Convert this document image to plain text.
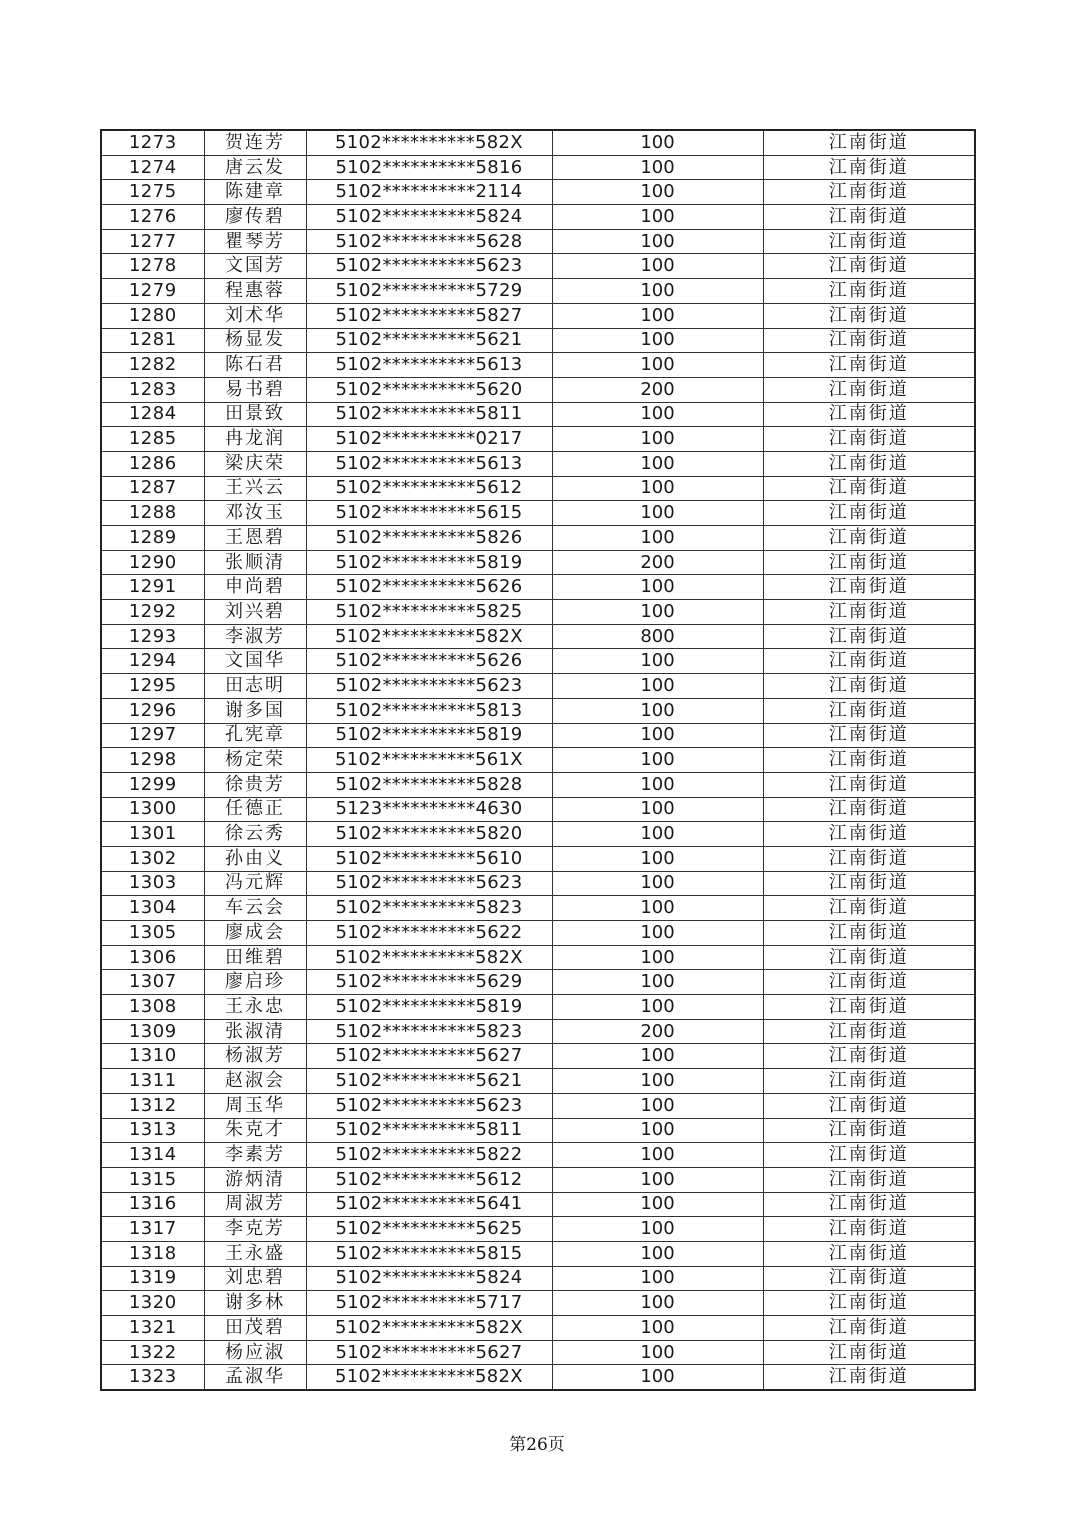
1273	贺连芳	5102**********582X	100	江南街道
1274	唐云发	5102**********5816	100	江南街道
1275	陈建章	5102**********2114	100	江南街道
1276	廖传碧	5102**********5824	100	江南街道
1277	瞿琴芳	5102**********5628	100	江南街道
1278	文国芳	5102**********5623	100	江南街道
1279	程惠蓉	5102**********5729	100	江南街道
1280	刘术华	5102**********5827	100	江南街道
1281	杨显发	5102**********5621	100	江南街道
1282	陈石君	5102**********5613	100	江南街道
1283	易书碧	5102**********5620	200	江南街道
1284	田景致	5102**********5811	100	江南街道
1285	冉龙润	5102**********0217	100	江南街道
1286	梁庆荣	5102**********5613	100	江南街道
1287	王兴云	5102**********5612	100	江南街道
1288	邓汝玉	5102**********5615	100	江南街道
1289	王恩碧	5102**********5826	100	江南街道
1290	张顺清	5102**********5819	200	江南街道
1291	申尚碧	5102**********5626	100	江南街道
1292	刘兴碧	5102**********5825	100	江南街道
1293	李淑芳	5102**********582X	800	江南街道
1294	文国华	5102**********5626	100	江南街道
1295	田志明	5102**********5623	100	江南街道
1296	谢多国	5102**********5813	100	江南街道
1297	孔宪章	5102**********5819	100	江南街道
1298	杨定荣	5102**********561X	100	江南街道
1299	徐贵芳	5102**********5828	100	江南街道
1300	任德正	5123**********4630	100	江南街道
1301	徐云秀	5102**********5820	100	江南街道
1302	孙由义	5102**********5610	100	江南街道
1303	冯元辉	5102**********5623	100	江南街道
1304	车云会	5102**********5823	100	江南街道
1305	廖成会	5102**********5622	100	江南街道
1306	田维碧	5102**********582X	100	江南街道
1307	廖启珍	5102**********5629	100	江南街道
1308	王永忠	5102**********5819	100	江南街道
1309	张淑清	5102**********5823	200	江南街道
1310	杨淑芳	5102**********5627	100	江南街道
1311	赵淑会	5102**********5621	100	江南街道
1312	周玉华	5102**********5623	100	江南街道
1313	朱克才	5102**********5811	100	江南街道
1314	李素芳	5102**********5822	100	江南街道
1315	游炳清	5102**********5612	100	江南街道
1316	周淑芳	5102**********5641	100	江南街道
1317	李克芳	5102**********5625	100	江南街道
1318	王永盛	5102**********5815	100	江南街道
1319	刘忠碧	5102**********5824	100	江南街道
1320	谢多林	5102**********5717	100	江南街道
1321	田茂碧	5102**********582X	100	江南街道
1322	杨应淑	5102**********5627	100	江南街道
1323	孟淑华	5102**********582X	100	江南街道
第26页
